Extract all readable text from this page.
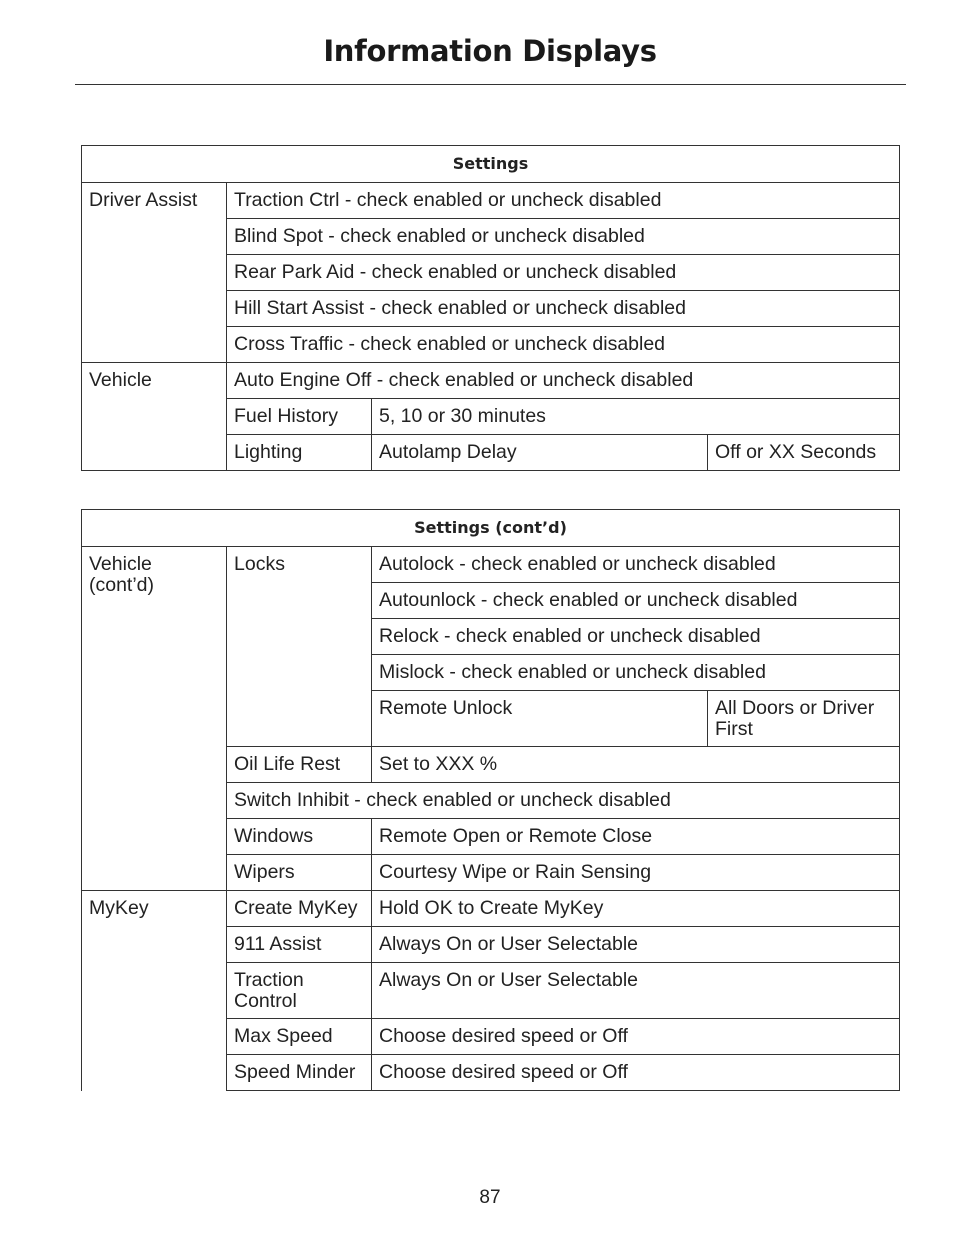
Information Displays
Settings			
Driver Assist	Traction Ctrl - check enabled or uncheck disabled		
	Blind Spot - check enabled or uncheck disabled		
	Rear Park Aid - check enabled or uncheck disabled		
	Hill Start Assist - check enabled or uncheck disabled		
	Cross Traffic - check enabled or uncheck disabled		
Vehicle	Auto Engine Off - check enabled or uncheck disabled		
	Fuel History	5, 10 or 30 minutes	
	Lighting	Autolamp Delay	Off or XX Seconds
Settings (cont’d)			
Vehicle (cont’d)	Locks	Autolock - check enabled or uncheck disabled	
		Autounlock - check enabled or uncheck disabled	
		Relock - check enabled or uncheck disabled	
		Mislock - check enabled or uncheck disabled	
		Remote Unlock	All Doors or Driver First
	Oil Life Rest	Set to XXX %	
	Switch Inhibit - check enabled or uncheck disabled		
	Windows	Remote Open or Remote Close	
	Wipers	Courtesy Wipe or Rain Sensing	
MyKey	Create MyKey	Hold OK to Create MyKey	
	911 Assist	Always On or User Selectable	
	Traction Control	Always On or User Selectable	
	Max Speed	Choose desired speed or Off	
	Speed Minder	Choose desired speed or Off	
87
